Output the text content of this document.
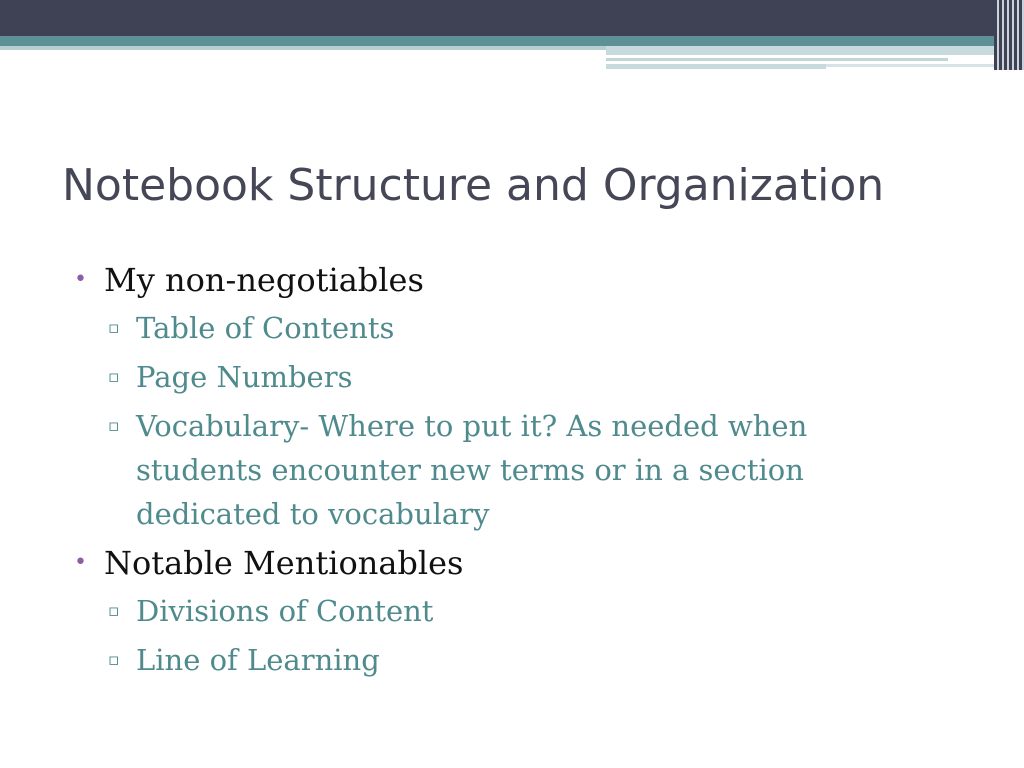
Notebook Structure and Organization
• My non-negotiables
▫ Table of Contents
▫ Page Numbers
▫ Vocabulary- Where to put it? As needed when students encounter new terms or in a section dedicated to vocabulary
• Notable Mentionables
▫ Divisions of Content
▫ Line of Learning
